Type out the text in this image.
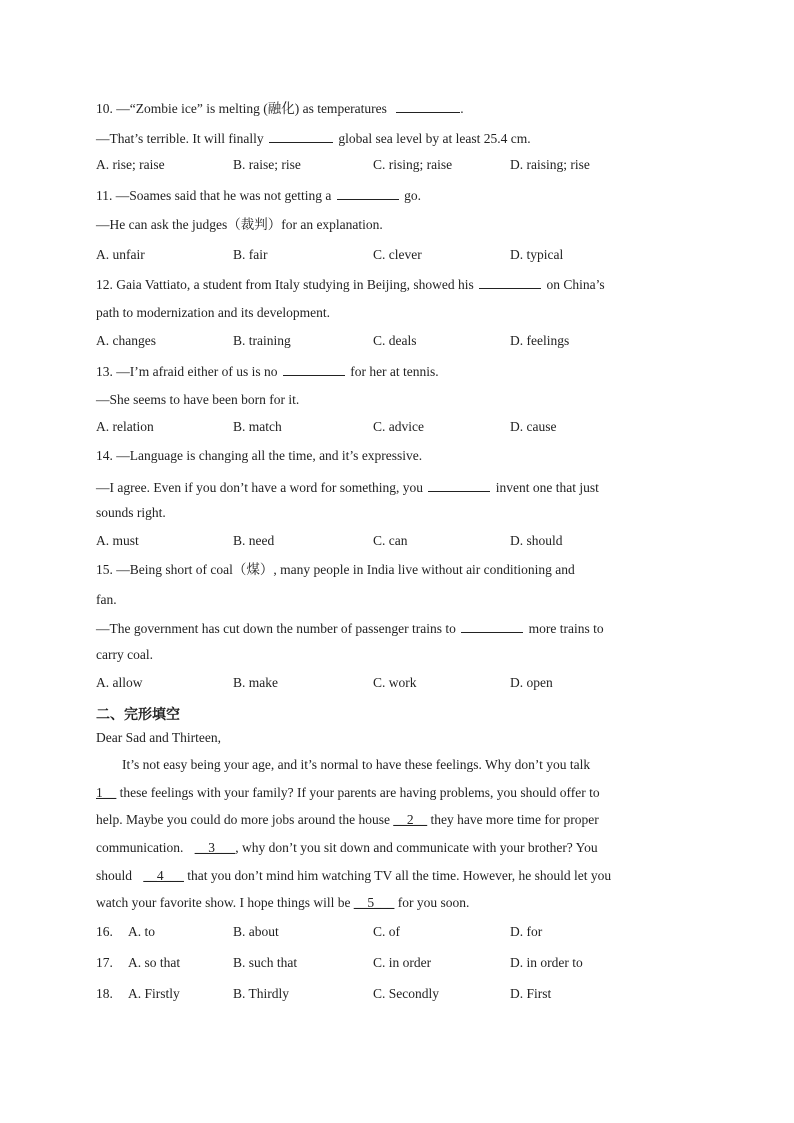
10. —“Zombie ice” is melting (融化) as temperatures	.
—That’s terrible. It will finally	global sea level by at least 25.4 cm.
A. rise; raise	B. raise; rise	C. rising; raise	D. raising; rise
11. —Soames said that he was not getting a	go.
—He can ask the judges（裁判）for an explanation.
A. unfair	B. fair	C. clever	D. typical
12. Gaia Vattiato, a student from Italy studying in Beijing, showed his	on China’s
path to modernization and its development.
A. changes	B. training	C. deals	D. feelings
13. —I’m afraid either of us is no	for her at tennis.
—She seems to have been born for it.
A. relation	B. match	C. advice	D. cause
14. —Language is changing all the time, and it’s expressive.
—I agree. Even if you don’t have a word for something, you	invent one that just
sounds right.
A. must	B. need	C. can	D. should
15. —Being short of coal（煤）, many people in India live without air conditioning and
fan.
—The government has cut down the number of passenger trains to	more trains to
carry coal.
A. allow	B. make	C. work	D. open
二、完形填空
Dear Sad and Thirteen,
It’s not easy being your age, and it’s normal to have these feelings. Why don’t you talk
1__ these feelings with your family? If your parents are having problems, you should offer to
help. Maybe you could do more jobs around the house __2__ they have more time for proper
communication. __3___, why don’t you sit down and communicate with your brother? You
should __4___ that you don’t mind him watching TV all the time. However, he should let you
watch your favorite show. I hope things will be __5___ for you soon.
16. A. to	B. about	C. of	D. for
17. A. so that	B. such that	C. in order	D. in order to
18. A. Firstly	B. Thirdly	C. Secondly	D. First
